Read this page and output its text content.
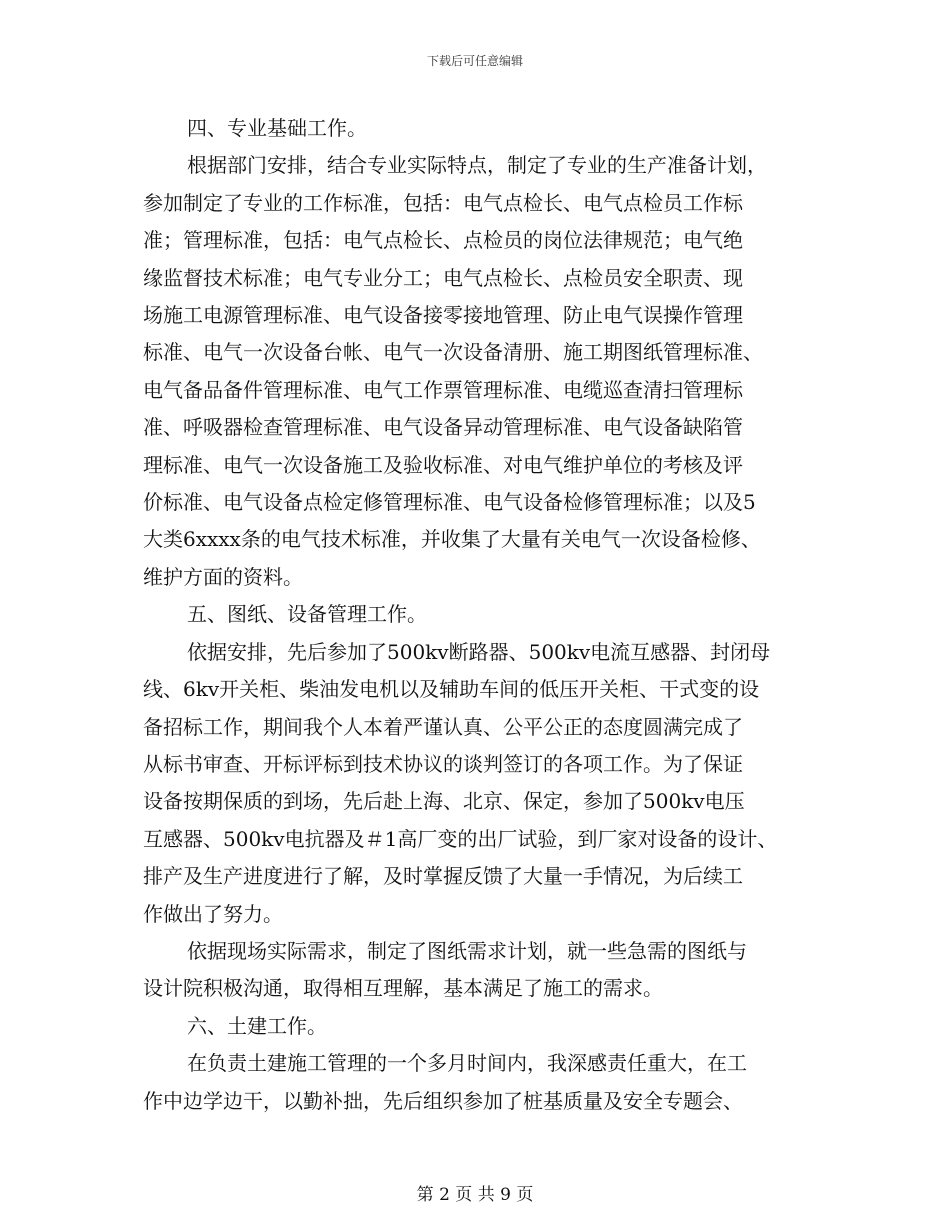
下载后可任意编辑

四、专业基础工作。

根据部门安排，结合专业实际特点，制定了专业的生产准备计划，
参加制定了专业的工作标准，包括：电气点检长、电气点检员工作标
准；管理标准，包括：电气点检长、点检员的岗位法律规范；电气绝
缘监督技术标准；电气专业分工；电气点检长、点检员安全职责、现
场施工电源管理标准、电气设备接零接地管理、防止电气误操作管理
标准、电气一次设备台帐、电气一次设备清册、施工期图纸管理标准、
电气备品备件管理标准、电气工作票管理标准、电缆巡查清扫管理标
准、呼吸器检查管理标准、电气设备异动管理标准、电气设备缺陷管
理标准、电气一次设备施工及验收标准、对电气维护单位的考核及评
价标准、电气设备点检定修管理标准、电气设备检修管理标准；以及5
大类6xxxx条的电气技术标准，并收集了大量有关电气一次设备检修、
维护方面的资料。

五、图纸、设备管理工作。

依据安排，先后参加了500kv断路器、500kv电流互感器、封闭母
线、6kv开关柜、柴油发电机以及辅助车间的低压开关柜、干式变的设
备招标工作，期间我个人本着严谨认真、公平公正的态度圆满完成了
从标书审查、开标评标到技术协议的谈判签订的各项工作。为了保证
设备按期保质的到场，先后赴上海、北京、保定，参加了500kv电压
互感器、500kv电抗器及＃1高厂变的出厂试验，到厂家对设备的设计、
排产及生产进度进行了解，及时掌握反馈了大量一手情况，为后续工
作做出了努力。

依据现场实际需求，制定了图纸需求计划，就一些急需的图纸与
设计院积极沟通，取得相互理解，基本满足了施工的需求。

六、土建工作。

在负责土建施工管理的一个多月时间内，我深感责任重大，在工
作中边学边干，以勤补拙，先后组织参加了桩基质量及安全专题会、

第 2 页 共 9 页
